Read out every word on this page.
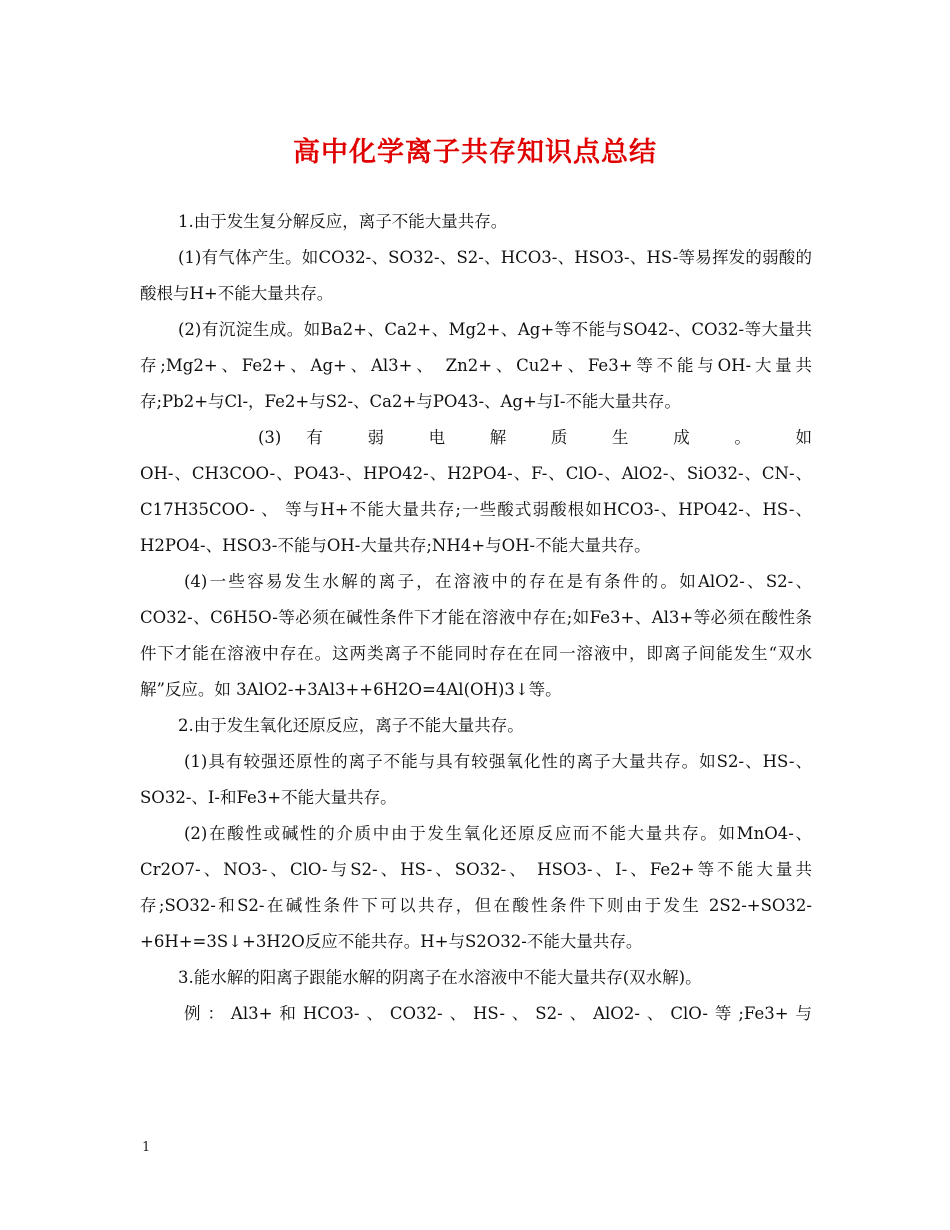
高中化学离子共存知识点总结

1.由于发生复分解反应，离子不能大量共存。

(1)有气体产生。如CO32-、SO32-、S2-、HCO3-、HSO3-、HS-等易挥发的弱酸的酸根与H+不能大量共存。

(2)有沉淀生成。如Ba2+、Ca2+、Mg2+、Ag+等不能与SO42-、CO32-等大量共存;Mg2+、Fe2+、Ag+、Al3+、 Zn2+、Cu2+、Fe3+等不能与OH-大量共存;Pb2+与Cl-，Fe2+与S2-、Ca2+与PO43-、Ag+与I-不能大量共存。

(3) 有 弱 电 解 质 生 成 。 如

OH-、CH3COO-、PO43-、HPO42-、H2PO4-、F-、ClO-、AlO2-、SiO32-、CN-、C17H35COO- 、 等与H+不能大量共存;一些酸式弱酸根如HCO3-、HPO42-、HS-、H2PO4-、HSO3-不能与OH-大量共存;NH4+与OH-不能大量共存。

(4)一些容易发生水解的离子，在溶液中的存在是有条件的。如AlO2-、S2-、CO32-、C6H5O-等必须在碱性条件下才能在溶液中存在;如Fe3+、Al3+等必须在酸性条件下才能在溶液中存在。这两类离子不能同时存在在同一溶液中，即离子间能发生“双水解”反应。如 3AlO2-+3Al3++6H2O=4Al(OH)3↓等。

2.由于发生氧化还原反应，离子不能大量共存。

(1)具有较强还原性的离子不能与具有较强氧化性的离子大量共存。如S2-、HS-、SO32-、I-和Fe3+不能大量共存。

(2)在酸性或碱性的介质中由于发生氧化还原反应而不能大量共存。如MnO4-、Cr2O7-、NO3-、ClO-与S2-、HS-、SO32-、 HSO3-、I-、Fe2+等不能大量共存;SO32-和S2-在碱性条件下可以共存，但在酸性条件下则由于发生 2S2-+SO32-+6H+=3S↓+3H2O反应不能共存。H+与S2O32-不能大量共存。

3.能水解的阳离子跟能水解的阴离子在水溶液中不能大量共存(双水解)。

例：Al3+和HCO3-、CO32-、HS-、S2-、AlO2-、ClO-等;Fe3+与

1
